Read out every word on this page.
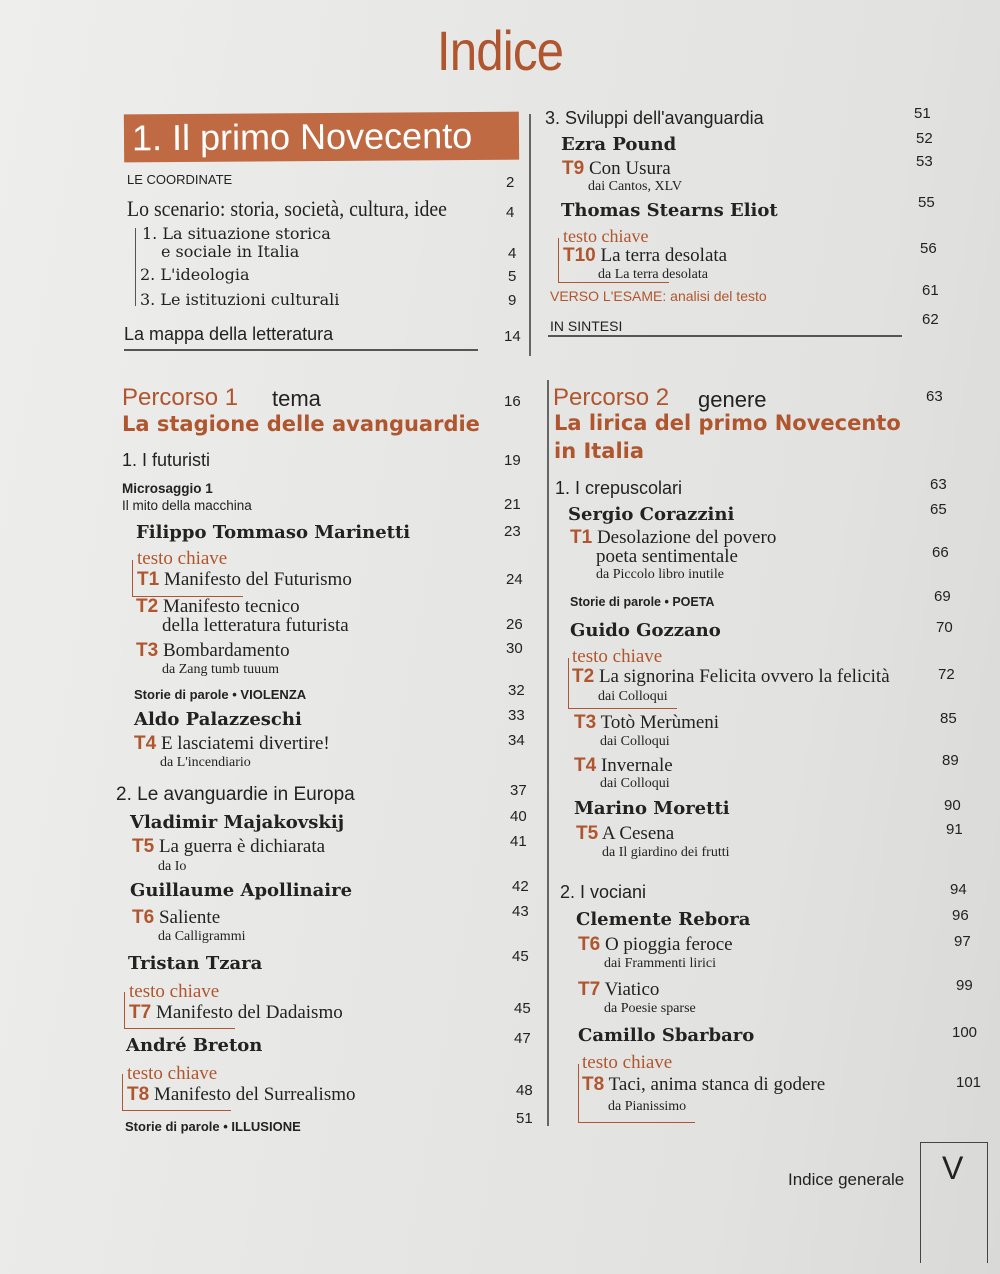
Indice
1. Il primo Novecento
LE COORDINATE	2
Lo scenario: storia, società, cultura, idee	4
1. La situazione storica
e sociale in Italia	4
2. L'ideologia	5
3. Le istituzioni culturali	9
La mappa della letteratura	14
Percorso 1 tema	16
La stagione delle avanguardie
1. I futuristi	19
Microsaggio 1
Il mito della macchina	21
Filippo Tommaso Marinetti	23
testo chiave
T1 Manifesto del Futurismo	24
T2 Manifesto tecnico
della letteratura futurista	26
T3 Bombardamento	30
da Zang tumb tuuum
Storie di parole • VIOLENZA	32
Aldo Palazzeschi	33
T4 E lasciatemi divertire!	34
da L'incendiario
2. Le avanguardie in Europa	37
Vladimir Majakovskij	40
T5 La guerra è dichiarata	41
da Io
Guillaume Apollinaire	42
T6 Saliente	43
da Calligrammi
Tristan Tzara	45
testo chiave
T7 Manifesto del Dadaismo	45
André Breton	47
testo chiave
T8 Manifesto del Surrealismo	48
Storie di parole • ILLUSIONE	51
3. Sviluppi dell'avanguardia	51
Ezra Pound	52
T9 Con Usura	53
dai Cantos, XLV
Thomas Stearns Eliot	55
testo chiave
T10 La terra desolata	56
da La terra desolata
VERSO L'ESAME: analisi del testo	61
IN SINTESI	62
Percorso 2 genere	63
La lirica del primo Novecento
in Italia
1. I crepuscolari	63
Sergio Corazzini	65
T1 Desolazione del povero
poeta sentimentale	66
da Piccolo libro inutile
Storie di parole • POETA	69
Guido Gozzano	70
testo chiave
T2 La signorina Felicita ovvero la felicità	72
dai Colloqui
T3 Totò Merùmeni	85
dai Colloqui
T4 Invernale	89
dai Colloqui
Marino Moretti	90
T5 A Cesena	91
da Il giardino dei frutti
2. I vociani	94
Clemente Rebora	96
T6 O pioggia feroce	97
dai Frammenti lirici
T7 Viatico	99
da Poesie sparse
Camillo Sbarbaro	100
testo chiave
T8 Taci, anima stanca di godere	101
da Pianissimo
Indice generale V
